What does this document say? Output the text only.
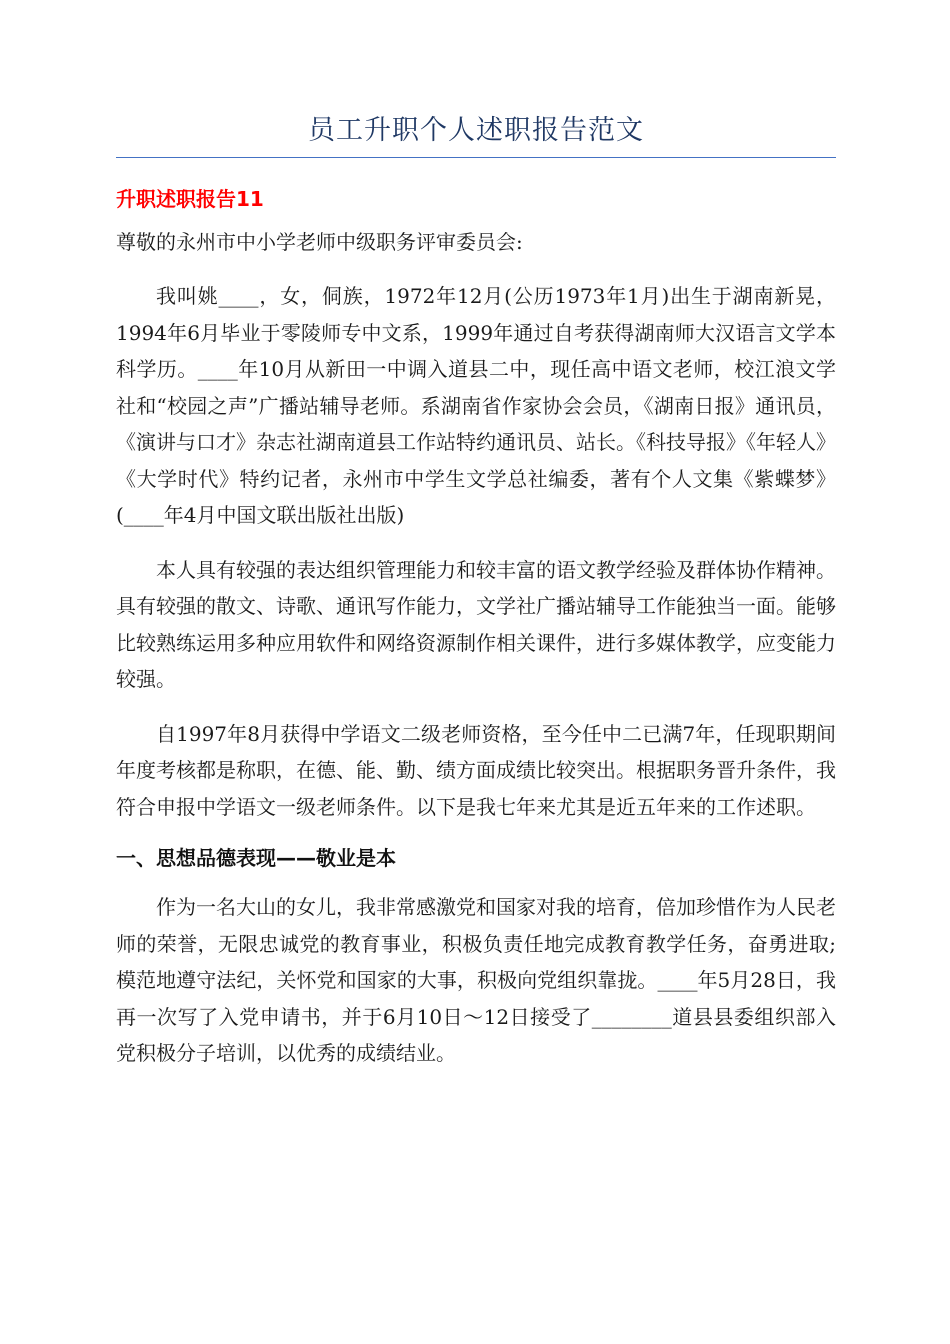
员工升职个人述职报告范文

升职述职报告11

尊敬的永州市中小学老师中级职务评审委员会:

我叫姚____，女，侗族，1972年12月(公历1973年1月)出生于湖南新晃，1994年6月毕业于零陵师专中文系，1999年通过自考获得湖南师大汉语言文学本科学历。____年10月从新田一中调入道县二中，现任高中语文老师，校江浪文学社和“校园之声”广播站辅导老师。系湖南省作家协会会员，《湖南日报》通讯员，《演讲与口才》杂志社湖南道县工作站特约通讯员、站长。《科技导报》《年轻人》《大学时代》特约记者，永州市中学生文学总社编委，著有个人文集《紫蝶梦》(____年4月中国文联出版社出版)

本人具有较强的表达组织管理能力和较丰富的语文教学经验及群体协作精神。具有较强的散文、诗歌、通讯写作能力，文学社广播站辅导工作能独当一面。能够比较熟练运用多种应用软件和网络资源制作相关课件，进行多媒体教学，应变能力较强。

自1997年8月获得中学语文二级老师资格，至今任中二已满7年，任现职期间年度考核都是称职，在德、能、勤、绩方面成绩比较突出。根据职务晋升条件，我符合申报中学语文一级老师条件。以下是我七年来尤其是近五年来的工作述职。

一、思想品德表现——敬业是本

作为一名大山的女儿，我非常感激党和国家对我的培育，倍加珍惜作为人民老师的荣誉，无限忠诚党的教育事业，积极负责任地完成教育教学任务，奋勇进取;模范地遵守法纪，关怀党和国家的大事，积极向党组织靠拢。____年5月28日，我再一次写了入党申请书，并于6月10日～12日接受了________道县县委组织部入党积极分子培训，以优秀的成绩结业。
